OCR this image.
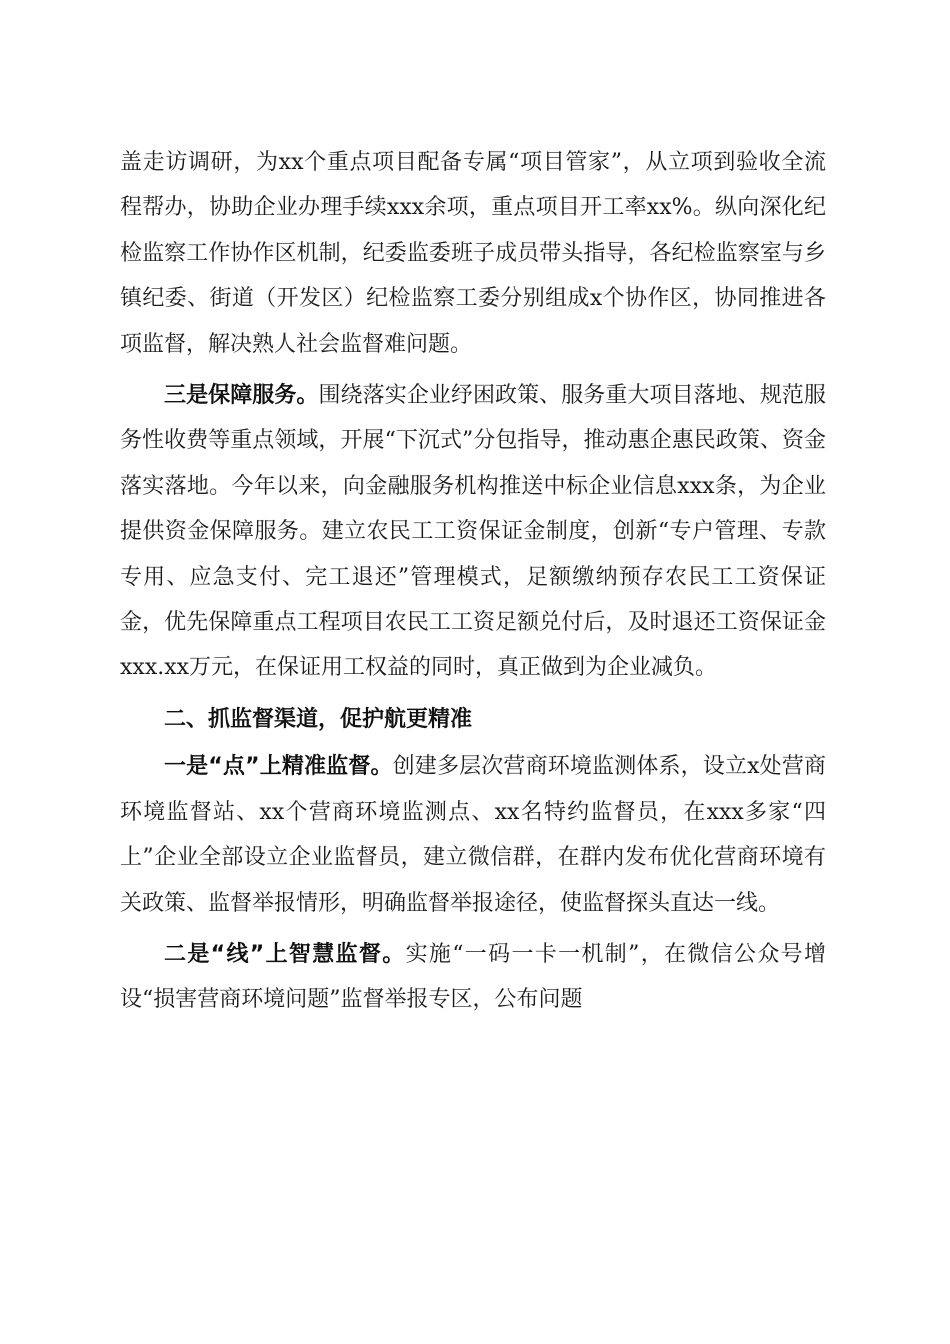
盖走访调研，为xx个重点项目配备专属“项目管家”，从立项到验收全流程帮办，协助企业办理手续xxx余项，重点项目开工率xx%。纵向深化纪检监察工作协作区机制，纪委监委班子成员带头指导，各纪检监察室与乡镇纪委、街道（开发区）纪检监察工委分别组成x个协作区，协同推进各项监督，解决熟人社会监督难问题。

三是保障服务。围绕落实企业纾困政策、服务重大项目落地、规范服务性收费等重点领域，开展“下沉式”分包指导，推动惠企惠民政策、资金落实落地。今年以来，向金融服务机构推送中标企业信息xxx条，为企业提供资金保障服务。建立农民工工资保证金制度，创新“专户管理、专款专用、应急支付、完工退还”管理模式，足额缴纳预存农民工工资保证金，优先保障重点工程项目农民工工资足额兑付后，及时退还工资保证金xxx.xx万元，在保证用工权益的同时，真正做到为企业减负。

二、抓监督渠道，促护航更精准

一是“点”上精准监督。创建多层次营商环境监测体系，设立x处营商环境监督站、xx个营商环境监测点、xx名特约监督员，在xxx多家“四上”企业全部设立企业监督员，建立微信群，在群内发布优化营商环境有关政策、监督举报情形，明确监督举报途径，使监督探头直达一线。

二是“线”上智慧监督。实施“一码一卡一机制”，在微信公众号增设“损害营商环境问题”监督举报专区，公布问题
